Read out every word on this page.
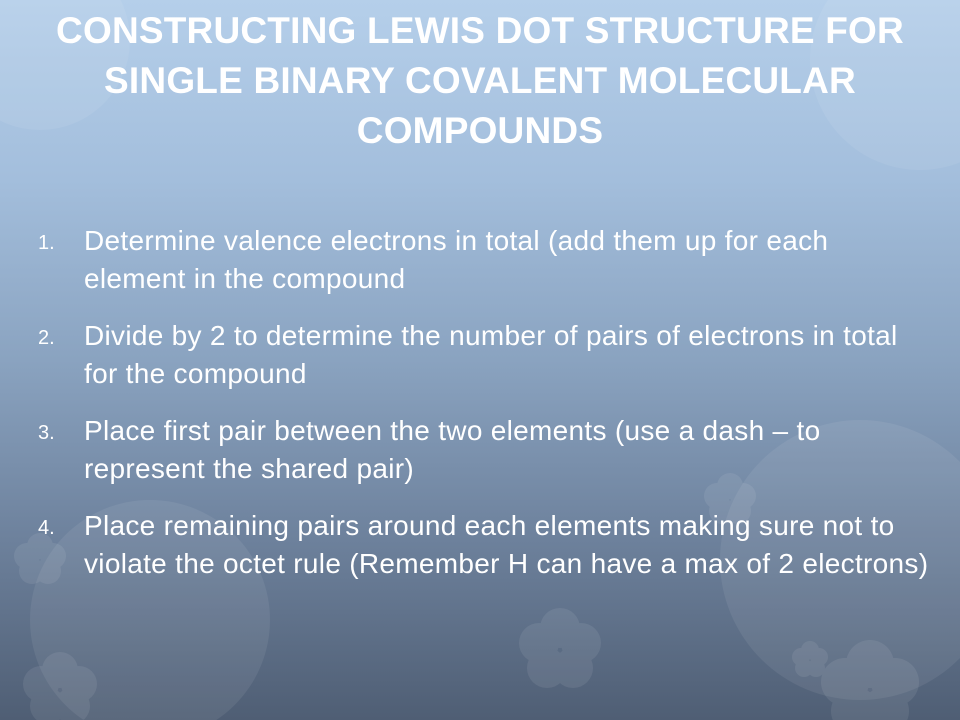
CONSTRUCTING LEWIS DOT STRUCTURE FOR SINGLE BINARY COVALENT MOLECULAR COMPOUNDS
1.	Determine valence electrons in total (add them up for each element in the compound
2.	Divide by 2 to determine the number of pairs of electrons in total for the compound
3.	Place first pair between the two elements (use a dash – to represent the shared pair)
4.	Place remaining pairs around each elements making sure not to violate the octet rule (Remember H can have a max of 2 electrons)
